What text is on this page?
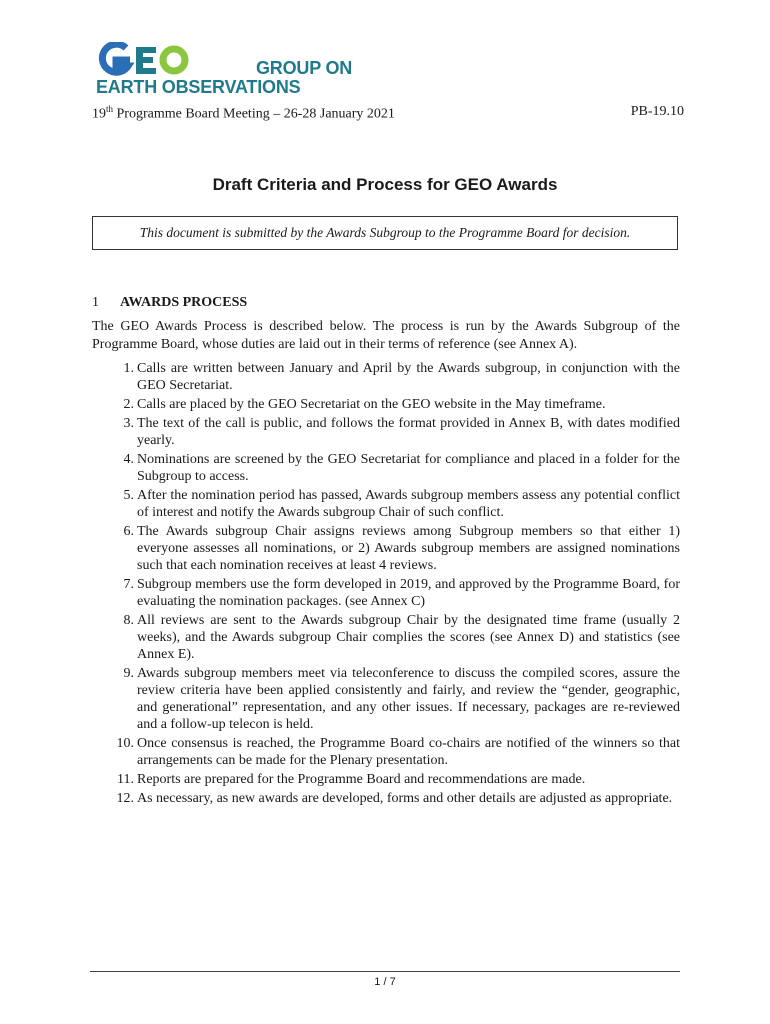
GROUP ON
EARTH OBSERVATIONS
19th Programme Board Meeting – 26-28 January 2021	PB-19.10
Draft Criteria and Process for GEO Awards
This document is submitted by the Awards Subgroup to the Programme Board for decision.
1 AWARDS PROCESS
The GEO Awards Process is described below. The process is run by the Awards Subgroup of the Programme Board, whose duties are laid out in their terms of reference (see Annex A).
1. Calls are written between January and April by the Awards subgroup, in conjunction with the GEO Secretariat.
2. Calls are placed by the GEO Secretariat on the GEO website in the May timeframe.
3. The text of the call is public, and follows the format provided in Annex B, with dates modified yearly.
4. Nominations are screened by the GEO Secretariat for compliance and placed in a folder for the Subgroup to access.
5. After the nomination period has passed, Awards subgroup members assess any potential conflict of interest and notify the Awards subgroup Chair of such conflict.
6. The Awards subgroup Chair assigns reviews among Subgroup members so that either 1) everyone assesses all nominations, or 2) Awards subgroup members are assigned nominations such that each nomination receives at least 4 reviews.
7. Subgroup members use the form developed in 2019, and approved by the Programme Board, for evaluating the nomination packages. (see Annex C)
8. All reviews are sent to the Awards subgroup Chair by the designated time frame (usually 2 weeks), and the Awards subgroup Chair complies the scores (see Annex D) and statistics (see Annex E).
9. Awards subgroup members meet via teleconference to discuss the compiled scores, assure the review criteria have been applied consistently and fairly, and review the “gender, geographic, and generational” representation, and any other issues. If necessary, packages are re-reviewed and a follow-up telecon is held.
10. Once consensus is reached, the Programme Board co-chairs are notified of the winners so that arrangements can be made for the Plenary presentation.
11. Reports are prepared for the Programme Board and recommendations are made.
12. As necessary, as new awards are developed, forms and other details are adjusted as appropriate.
1 / 7
